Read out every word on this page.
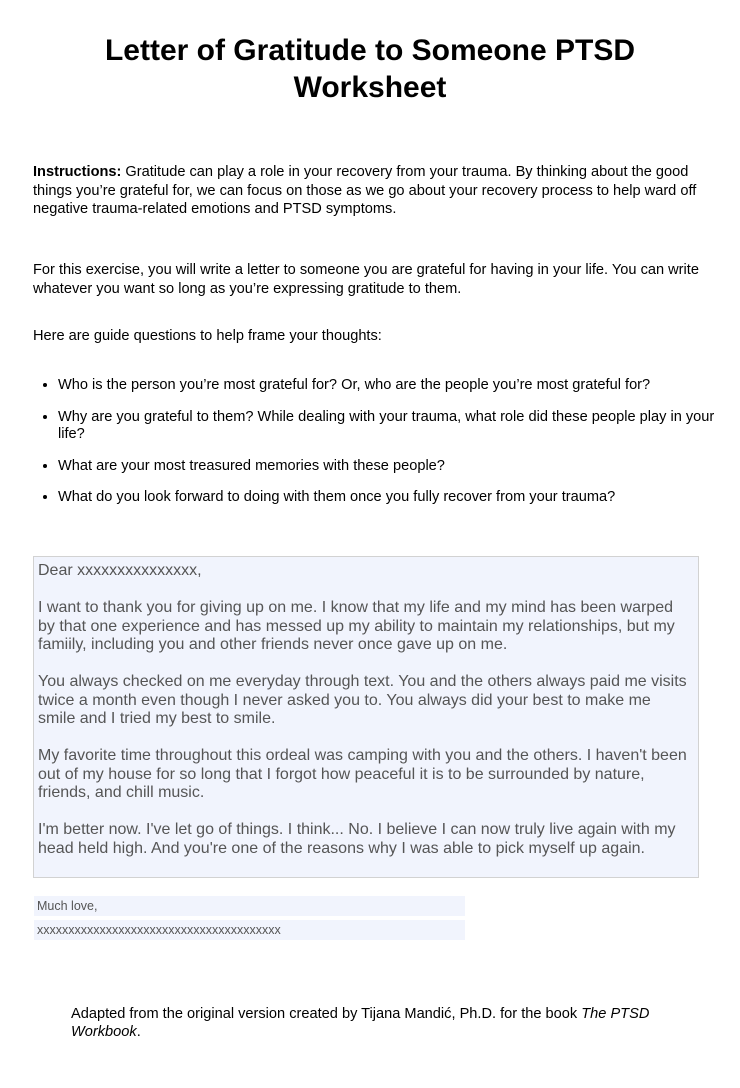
Letter of Gratitude to Someone PTSD Worksheet

Instructions: Gratitude can play a role in your recovery from your trauma. By thinking about the good things you’re grateful for, we can focus on those as we go about your recovery process to help ward off negative trauma-related emotions and PTSD symptoms.

For this exercise, you will write a letter to someone you are grateful for having in your life. You can write whatever you want so long as you’re expressing gratitude to them.

Here are guide questions to help frame your thoughts:

• Who is the person you’re most grateful for? Or, who are the people you’re most grateful for?
• Why are you grateful to them? While dealing with your trauma, what role did these people play in your life?
• What are your most treasured memories with these people?
• What do you look forward to doing with them once you fully recover from your trauma?

Dear xxxxxxxxxxxxxxx,

I want to thank you for giving up on me. I know that my life and my mind has been warped by that one experience and has messed up my ability to maintain my relationships, but my famiily, including you and other friends never once gave up on me.

You always checked on me everyday through text. You and the others always paid me visits twice a month even though I never asked you to. You always did your best to make me smile and I tried my best to smile.

My favorite time throughout this ordeal was camping with you and the others. I haven't been out of my house for so long that I forgot how peaceful it is to be surrounded by nature, friends, and chill music.

I'm better now. I've let go of things. I think... No. I believe I can now truly live again with my head held high. And you're one of the reasons why I was able to pick myself up again.

Much love,
xxxxxxxxxxxxxxxxxxxxxxxxxxxxxxxxxxxxxxx
Adapted from the original version created by Tijana Mandić, Ph.D. for the book The PTSD Workbook.
